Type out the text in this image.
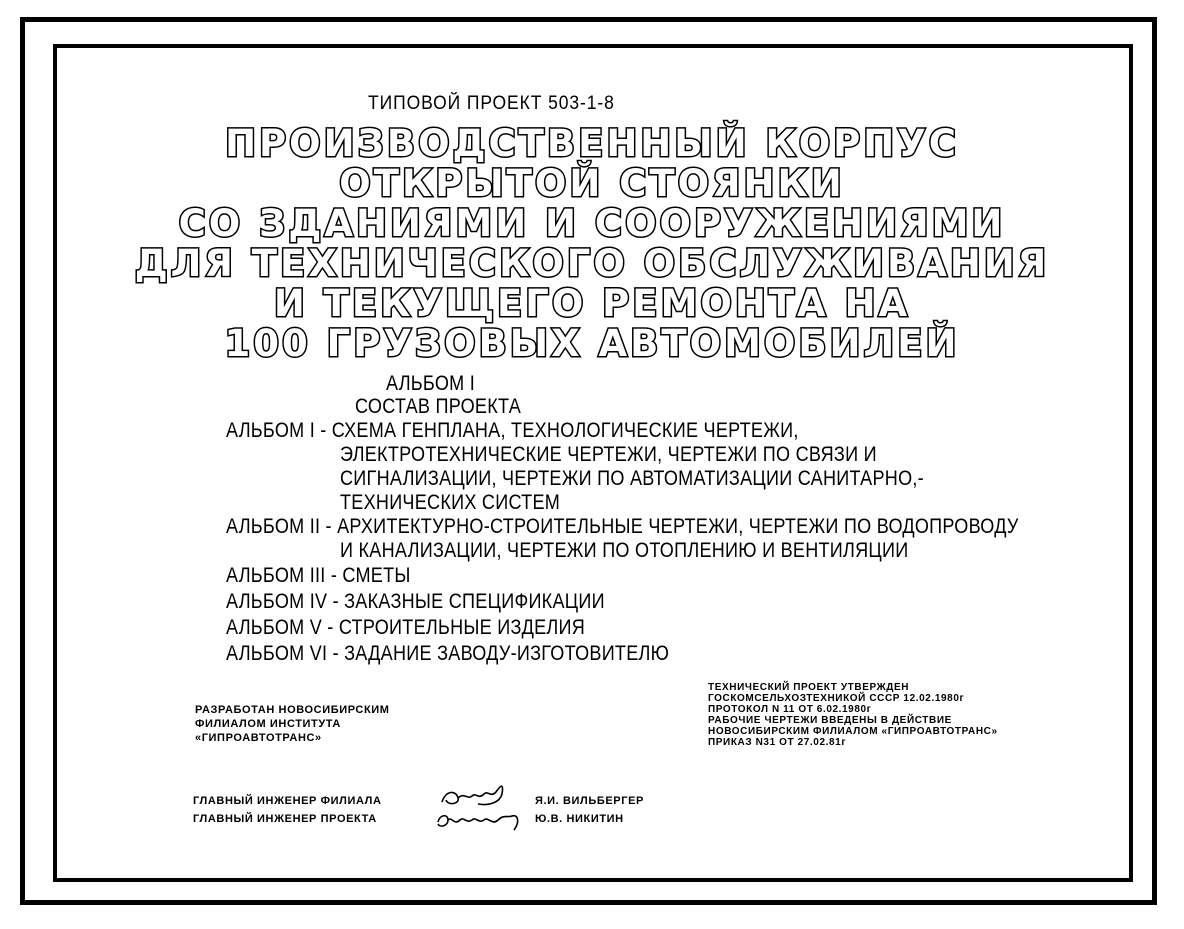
ТИПОВОЙ ПРОЕКТ 503-1-8
ПРОИЗВОДСТВЕННЫЙ КОРПУС
ОТКРЫТОЙ СТОЯНКИ
СО ЗДАНИЯМИ И СООРУЖЕНИЯМИ
ДЛЯ ТЕХНИЧЕСКОГО ОБСЛУЖИВАНИЯ
И ТЕКУЩЕГО РЕМОНТА НА
100 ГРУЗОВЫХ АВТОМОБИЛЕЙ
АЛЬБОМ I
СОСТАВ ПРОЕКТА
АЛЬБОМ I - СХЕМА ГЕНПЛАНА, ТЕХНОЛОГИЧЕСКИЕ ЧЕРТЕЖИ,
ЭЛЕКТРОТЕХНИЧЕСКИЕ ЧЕРТЕЖИ, ЧЕРТЕЖИ ПО СВЯЗИ И
СИГНАЛИЗАЦИИ, ЧЕРТЕЖИ ПО АВТОМАТИЗАЦИИ САНИТАРНО,-
ТЕХНИЧЕСКИХ СИСТЕМ
АЛЬБОМ II - АРХИТЕКТУРНО-СТРОИТЕЛЬНЫЕ ЧЕРТЕЖИ, ЧЕРТЕЖИ ПО ВОДОПРОВОДУ
И КАНАЛИЗАЦИИ, ЧЕРТЕЖИ ПО ОТОПЛЕНИЮ И ВЕНТИЛЯЦИИ
АЛЬБОМ III - СМЕТЫ
АЛЬБОМ IV - ЗАКАЗНЫЕ СПЕЦИФИКАЦИИ
АЛЬБОМ V - СТРОИТЕЛЬНЫЕ ИЗДЕЛИЯ
АЛЬБОМ VI - ЗАДАНИЕ ЗАВОДУ-ИЗГОТОВИТЕЛЮ
РАЗРАБОТАН НОВОСИБИРСКИМ
ФИЛИАЛОМ ИНСТИТУТА
«ГИПРОАВТОТРАНС»
ТЕХНИЧЕСКИЙ ПРОЕКТ УТВЕРЖДЕН
ГОСКОМСЕЛЬХОЗТЕХНИКОЙ СССР 12.02.1980г
ПРОТОКОЛ N 11 ОТ 6.02.1980г
РАБОЧИЕ ЧЕРТЕЖИ ВВЕДЕНЫ В ДЕЙСТВИЕ
НОВОСИБИРСКИМ ФИЛИАЛОМ «ГИПРОАВТОТРАНС»
ПРИКАЗ N31 ОТ 27.02.81г
ГЛАВНЫЙ ИНЖЕНЕР ФИЛИАЛА	Я.И. ВИЛЬБЕРГЕР
ГЛАВНЫЙ ИНЖЕНЕР ПРОЕКТА	Ю.В. НИКИТИН
